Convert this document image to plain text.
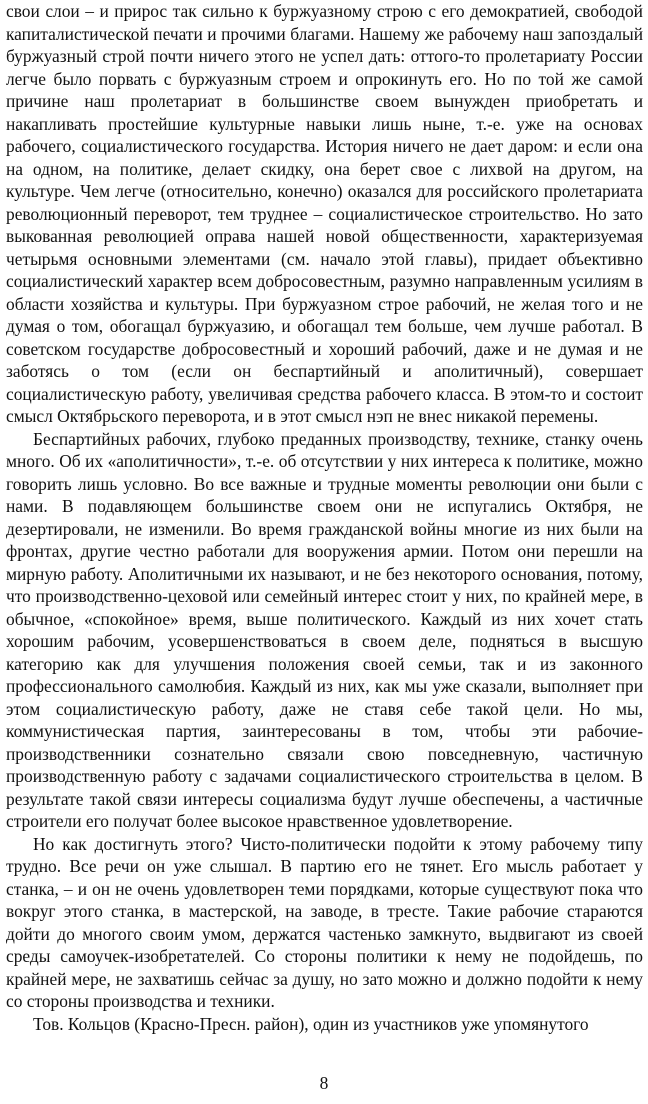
свои слои – и прирос так сильно к буржуазному строю с его демократией, свободой капиталистической печати и прочими благами. Нашему же рабочему наш запоздалый буржуазный строй почти ничего этого не успел дать: оттого-то пролетариату России легче было порвать с буржуазным строем и опрокинуть его. Но по той же самой причине наш пролетариат в большинстве своем вынужден приобретать и накапливать простейшие культурные навыки лишь ныне, т.-е. уже на основах рабочего, социалистического государства. История ничего не дает даром: и если она на одном, на политике, делает скидку, она берет свое с лихвой на другом, на культуре. Чем легче (относительно, конечно) оказался для российского пролетариата революционный переворот, тем труднее – социалистическое строительство. Но зато выкованная революцией оправа нашей новой общественности, характеризуемая четырьмя основными элементами (см. начало этой главы), придает объективно социалистический характер всем добросовестным, разумно направленным усилиям в области хозяйства и культуры. При буржуазном строе рабочий, не желая того и не думая о том, обогащал буржуазию, и обогащал тем больше, чем лучше работал. В советском государстве добросовестный и хороший рабочий, даже и не думая и не заботясь о том (если он беспартийный и аполитичный), совершает социалистическую работу, увеличивая средства рабочего класса. В этом-то и состоит смысл Октябрьского переворота, и в этот смысл нэп не внес никакой перемены.

Беспартийных рабочих, глубоко преданных производству, технике, станку очень много. Об их «аполитичности», т.-е. об отсутствии у них интереса к политике, можно говорить лишь условно. Во все важные и трудные моменты революции они были с нами. В подавляющем большинстве своем они не испугались Октября, не дезертировали, не изменили. Во время гражданской войны многие из них были на фронтах, другие честно работали для вооружения армии. Потом они перешли на мирную работу. Аполитичными их называют, и не без некоторого основания, потому, что производственно-цеховой или семейный интерес стоит у них, по крайней мере, в обычное, «спокойное» время, выше политического. Каждый из них хочет стать хорошим рабочим, усовершенствоваться в своем деле, подняться в высшую категорию как для улучшения положения своей семьи, так и из законного профессионального самолюбия. Каждый из них, как мы уже сказали, выполняет при этом социалистическую работу, даже не ставя себе такой цели. Но мы, коммунистическая партия, заинтересованы в том, чтобы эти рабочие-производственники сознательно связали свою повседневную, частичную производственную работу с задачами социалистического строительства в целом. В результате такой связи интересы социализма будут лучше обеспечены, а частичные строители его получат более высокое нравственное удовлетворение.

Но как достигнуть этого? Чисто-политически подойти к этому рабочему типу трудно. Все речи он уже слышал. В партию его не тянет. Его мысль работает у станка, – и он не очень удовлетворен теми порядками, которые существуют пока что вокруг этого станка, в мастерской, на заводе, в тресте. Такие рабочие стараются дойти до многого своим умом, держатся частенько замкнуто, выдвигают из своей среды самоучек-изобретателей. Со стороны политики к нему не подойдешь, по крайней мере, не захватишь сейчас за душу, но зато можно и должно подойти к нему со стороны производства и техники.

Тов. Кольцов (Красно-Пресн. район), один из участников уже упомянутого

8
